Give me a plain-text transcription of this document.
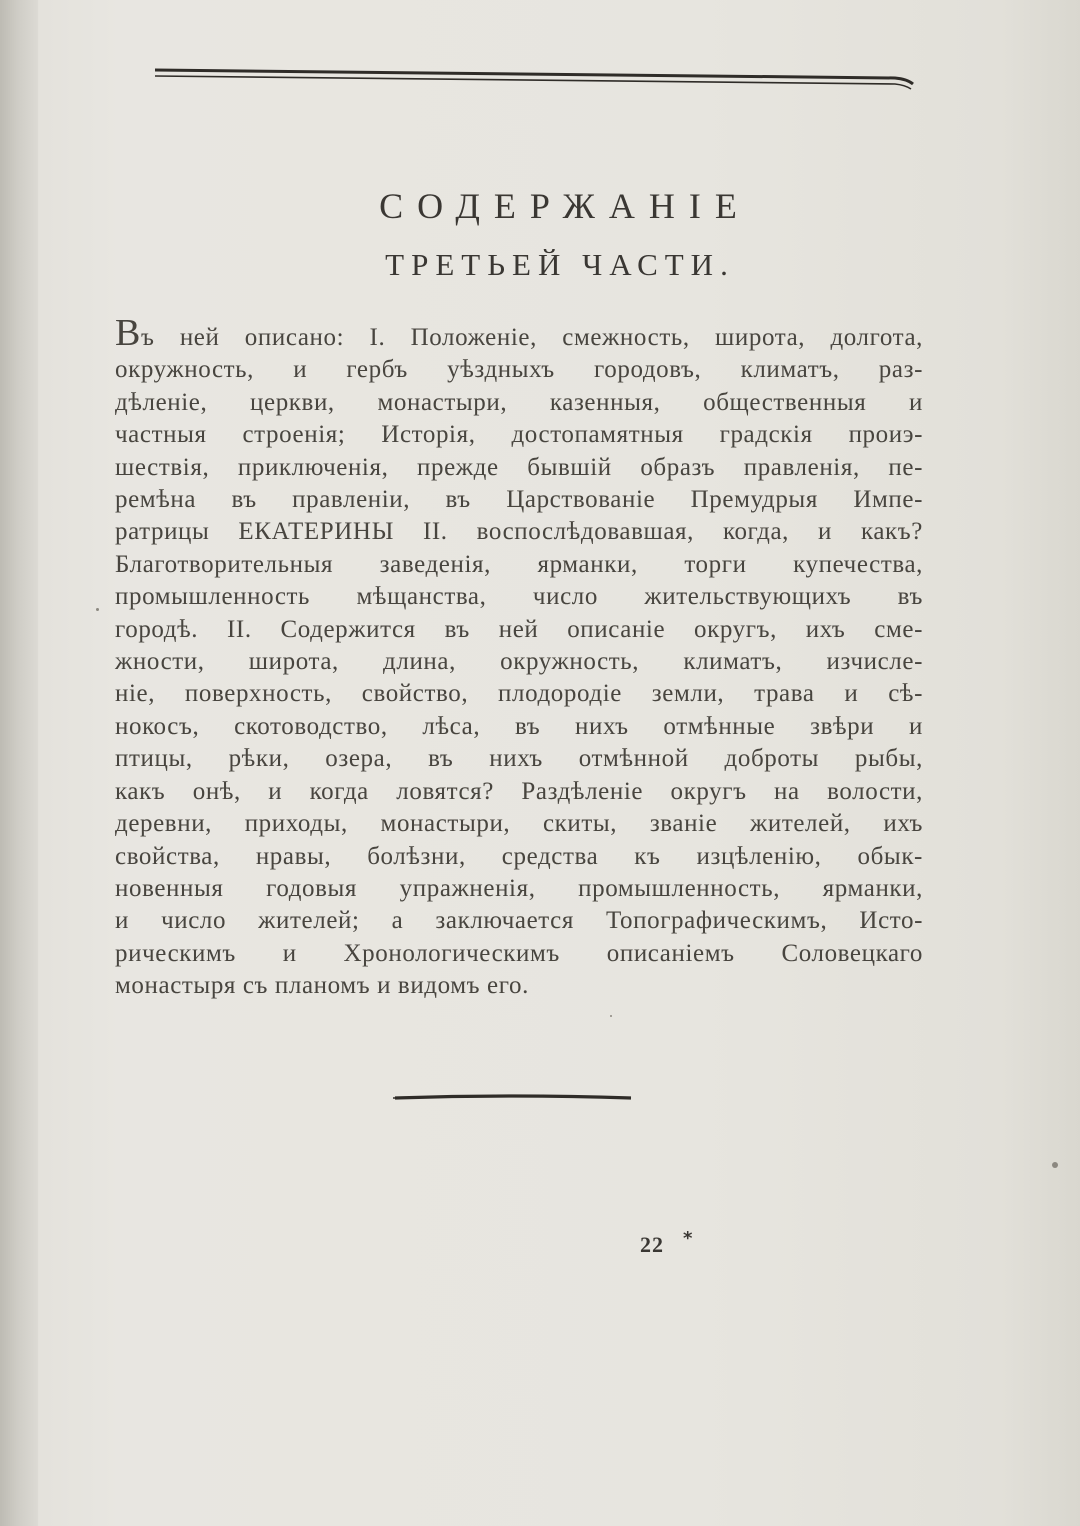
СОДЕРЖАНIЕ
ТРЕТЬЕЙ ЧАСТИ.
Въ ней описано: I. Положенiе, смежность, широта, долгота,
окружность, и гербъ уѣздныхъ городовъ, климатъ, раз-
дѣленiе, церкви, монастыри, казенныя, общественныя и
частныя строенiя; Исторiя, достопамятныя градскiя проиэ-
шествiя, приключенiя, прежде бывшiй образъ правленiя, пе-
ремѣна въ правленiи, въ Царствованiе Премудрыя Импе-
ратрицы ЕКАТЕРИНЫ II. воспослѣдовавшая, когда, и какъ?
Благотворительныя заведенiя, ярманки, торги купечества,
промышленность мѣщанства, число жительствующихъ въ
городѣ. II. Содержится въ ней описанiе округъ, ихъ сме-
жности, широта, длина, окружность, климатъ, изчисле-
нiе, поверхность, свойство, плодородiе земли, трава и сѣ-
нокосъ, скотоводство, лѣса, въ нихъ отмѣнные звѣри и
птицы, рѣки, озера, въ нихъ отмѣнной доброты рыбы,
какъ онѣ, и когда ловятся? Раздѣленiе округъ на волости,
деревни, приходы, монастыри, скиты, званiе жителей, ихъ
свойства, нравы, болѣзни, средства къ изцѣленiю, обык-
новенныя годовыя упражненiя, промышленность, ярманки,
и число жителей; а заключается Топографическимъ, Исто-
рическимъ и Хронологическимъ описанiемъ Соловецкаго
монастыря съ планомъ и видомъ его.
22 *
